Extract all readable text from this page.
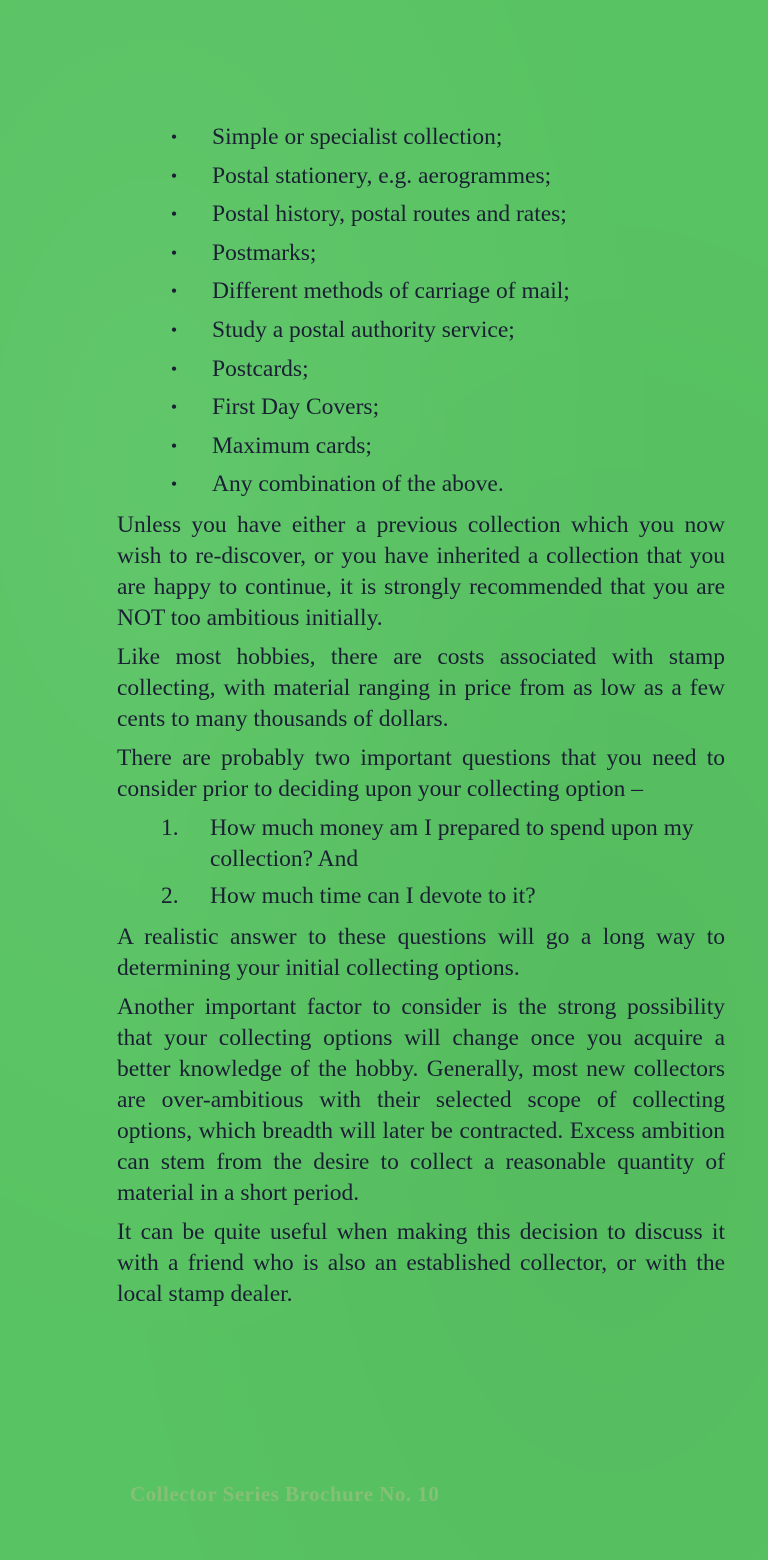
• Simple or specialist collection;
• Postal stationery, e.g. aerogrammes;
• Postal history, postal routes and rates;
• Postmarks;
• Different methods of carriage of mail;
• Study a postal authority service;
• Postcards;
• First Day Covers;
• Maximum cards;
• Any combination of the above.

Unless you have either a previous collection which you now wish to re-discover, or you have inherited a collection that you are happy to continue, it is strongly recommended that you are NOT too ambitious initially.

Like most hobbies, there are costs associated with stamp collecting, with material ranging in price from as low as a few cents to many thousands of dollars.

There are probably two important questions that you need to consider prior to deciding upon your collecting option –

1. How much money am I prepared to spend upon my collection? And
2. How much time can I devote to it?

A realistic answer to these questions will go a long way to determining your initial collecting options.

Another important factor to consider is the strong possibility that your collecting options will change once you acquire a better knowledge of the hobby. Generally, most new collectors are over-ambitious with their selected scope of collecting options, which breadth will later be contracted. Excess ambition can stem from the desire to collect a reasonable quantity of material in a short period.

It can be quite useful when making this decision to discuss it with a friend who is also an established collector, or with the local stamp dealer.

Collector Series Brochure No. 10
